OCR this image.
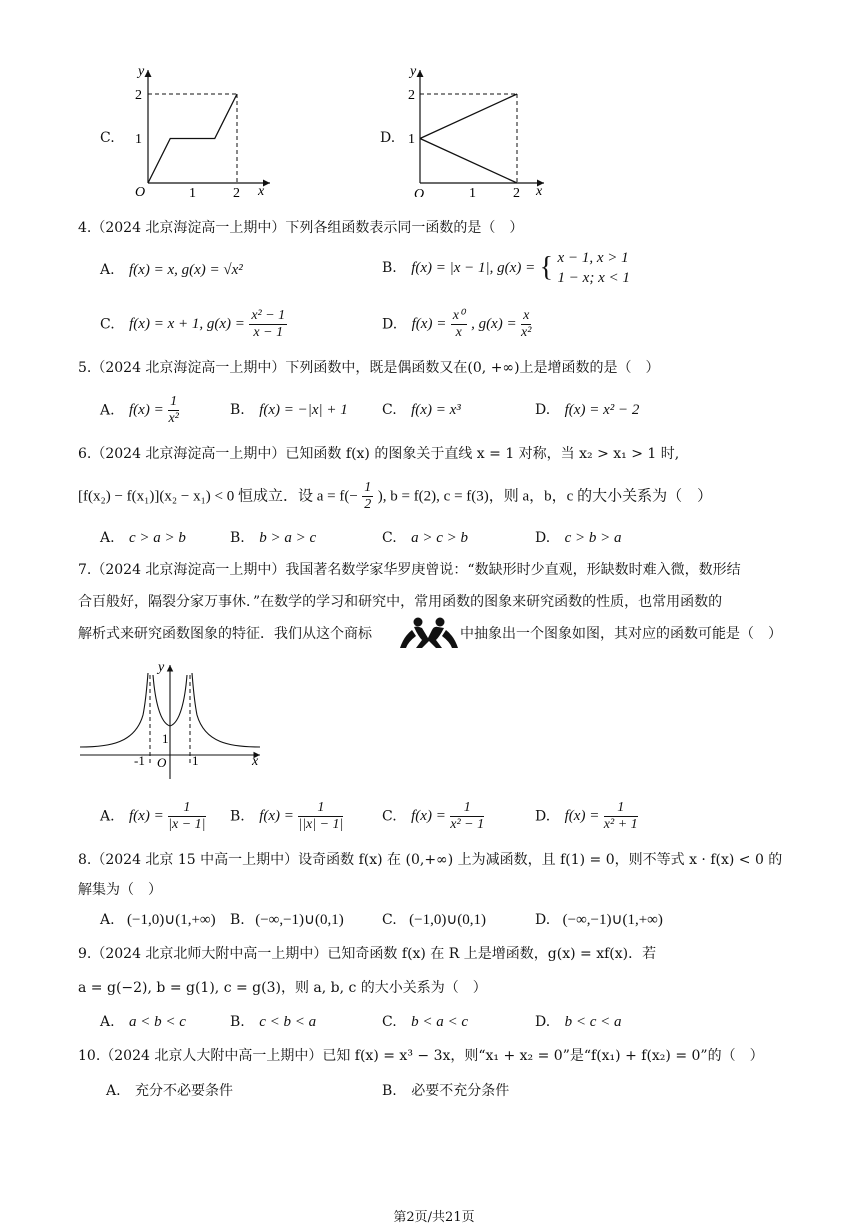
C.
y
x
O
2
1
1	2
D.
y
x
O
2
1
1	2
4.（2024 北京海淀高一上期中）下列各组函数表示同一函数的是（　）
A. f(x) = x, g(x) = √x²	B. f(x) = |x − 1|, g(x) = { x − 1, x > 1
1 − x; x < 1
C. f(x) = x + 1, $g(x) = \frac{\text{x² − 1}}{x - 1}$	D. $f(x) = \frac{\text{x⁰}}{x}$ , $g(x) = \frac{x}{\text{x²}}$
5.（2024 北京海淀高一上期中）下列函数中，既是偶函数又在(0, +∞)上是增函数的是（　）
A. $f(x) = \frac{1}{\text{x²}}$	B. f(x) = −|x| + 1 C. f(x) = x³	D. f(x) = x² − 2
6.（2024 北京海淀高一上期中）已知函数 f(x) 的图象关于直线 x = 1 对称，当 x₂ > x₁ > 1 时,
[f(x₂) − f(x₁)](x₂ − x₁) < 0 恒成立．设 $a = f(- \frac{1}{2}$ ), b = f(2), c = f(3)，则 a，b，c 的大小关系为（　）
A. c > a > b	B. b > a > c	C. a > c > b	D. c > b > a
7.（2024 北京海淀高一上期中）我国著名数学家华罗庚曾说：“数缺形时少直观，形缺数时难入微，数形结
合百般好，隔裂分家万事休．”在数学的学习和研究中，常用函数的图象来研究函数的性质，也常用函数的
解析式来研究函数图象的特征．我们从这个商标	中抽象出一个图象如图，其对应的函数可能是（　）
y
x
O 1
-1
1
A. $f(x) = \frac{1}{|x - 1|} B$. $f(x) = \frac{1}{||x| - 1|}$	C. $f(x) = \frac{1}{\text{x² − 1}}$	D. $f(x) = \frac{1}{\text{x² + 1}}$
8.（2024 北京 15 中高一上期中）设奇函数 f(x) 在 (0,+∞) 上为减函数，且 f(1) = 0，则不等式 x · f(x) < 0 的
解集为（　）
A. (−1,0)∪(1,+∞) B. (−∞,−1)∪(0,1)	C. (−1,0)∪(0,1)	D. (−∞,−1)∪(1,+∞)
9.（2024 北京北师大附中高一上期中）已知奇函数 f(x) 在 R 上是增函数，g(x) = xf(x)．若
a = g(−2), b = g(1), c = g(3)，则 a, b, c 的大小关系为（　）
A. a < b < c	B. c < b < a	C. b < a < c	D. b < c < a
10.（2024 北京人大附中高一上期中）已知 f(x) = x³ − 3x，则“x₁ + x₂ = 0”是“f(x₁) + f(x₂) = 0”的（　）
A. 充分不必要条件	B. 必要不充分条件
第2页/共21页
